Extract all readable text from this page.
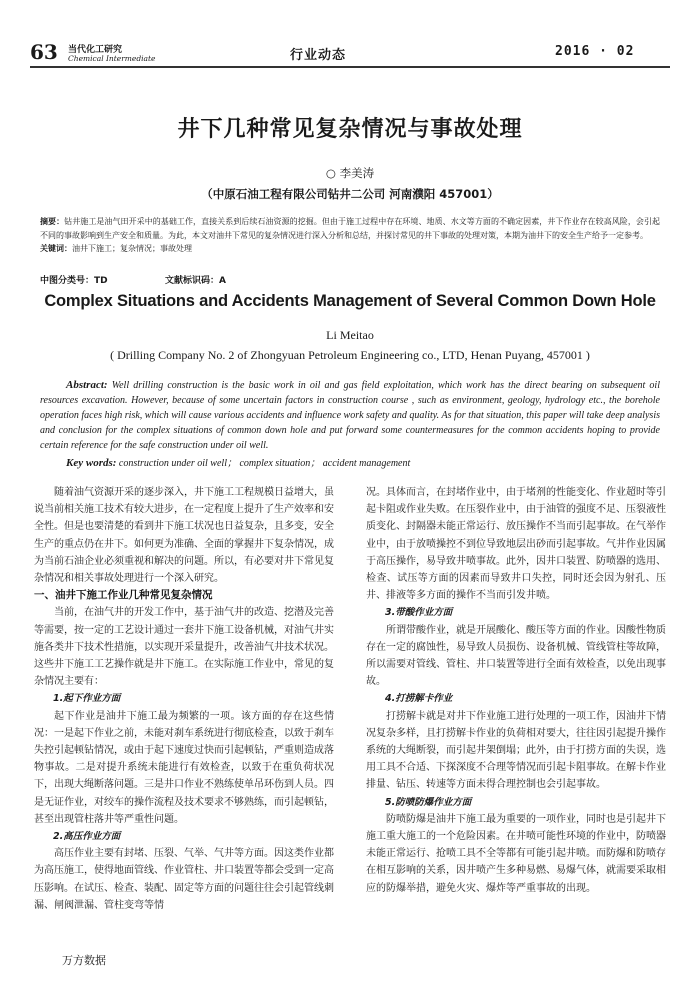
63 当代化工研究
Chemical Intermediate	行业动态	2016 · 02
井下几种常见复杂情况与事故处理
○ 李美涛
（中原石油工程有限公司钻井二公司 河南濮阳 457001）
摘要：钻井施工是油气田开采中的基础工作，直接关系到后续石油资源的挖掘。但由于施工过程中存在环境、地质、水文等方面的不确定因素，井下作业存在较高风险，会引起不同的事故影响到生产安全和质量。为此，本文对油井下常见的复杂情况进行深入分析和总结，并探讨常见的井下事故的处理对策，本期为油井下的安全生产给予一定参考。
关键词：油井下施工；复杂情况；事故处理
中图分类号：TD	文献标识码：A
Complex Situations and Accidents Management of Several Common Down Hole
Li Meitao
( Drilling Company No. 2 of Zhongyuan Petroleum Engineering co., LTD, Henan Puyang, 457001 )
Abstract: Well drilling construction is the basic work in oil and gas field exploitation, which work has the direct bearing on subsequent oil resources excavation. However, because of some uncertain factors in construction course , such as environment, geology, hydrology etc., the borehole operation faces high risk, which will cause various accidents and influence work safety and quality. As for that situation, this paper will take deep analysis and conclusion for the complex situations of common down hole and put forward some countermeasures for the common accidents hoping to provide certain reference for the safe construction under oil well.
Key words: construction under oil well； complex situation； accident management

随着油气资源开采的逐步深入，井下施工工程规模日益增大，虽说当前相关施工技术有较大进步，在一定程度上提升了生产效率和安全性。但是也要清楚的看到井下施工状况也日益复杂，且多变，安全生产的重点仍在井下。如何更为准确、全面的掌握井下复杂情况，成为当前石油企业必须重视和解决的问题。所以，有必要对井下常见复杂情况和相关事故处理进行一个深入研究。

一、油井下施工作业几种常见复杂情况

当前，在油气井的开发工作中，基于油气井的改造、挖潜及完善等需要，按一定的工艺设计通过一套井下施工设备机械，对油气井实施各类井下技术性措施，以实现开采量提升，改善油气井技术状况。这些井下施工工艺操作就是井下施工。在实际施工作业中，常见的复杂情况主要有：

1.起下作业方面

起下作业是油井下施工最为频繁的一项。该方面的存在这些情况：一是起下作业之前，未能对刹车系统进行彻底检查，以致于刹车失控引起顿钻情况，或由于起下速度过快而引起顿钻，严重则造成落物事故。二是对提升系统未能进行有效检查，以致于在重负荷状况下，出现大绳断落问题。三是井口作业不熟练使单吊环伤到人员。四是无证作业，对绞车的操作流程及技术要求不够熟练，而引起顿钻，甚至出现管柱落井等严重性问题。

2.高压作业方面

高压作业主要有封堵、压裂、气举、气井等方面。因这类作业都为高压施工，使得地面管线、作业管柱、井口装置等都会受到一定高压影响。在试压、检查、装配、固定等方面的问题往往会引起管线刺漏、闸阀泄漏、管柱变弯等情

况。具体而言，在封堵作业中，由于堵剂的性能变化、作业超时等引起卡阻或作业失败。在压裂作业中，由于油管的强度不足、压裂液性质变化、封隔器未能正常运行、放压操作不当而引起事故。在气举作业中，由于放喷操控不到位导致地层出砂而引起事故。气井作业因属于高压操作，易导致井喷事故。此外，因井口装置、防喷器的选用、检查、试压等方面的因素而导致井口失控，同时还会因为射孔、压井、排液等多方面的操作不当而引发井喷。

3.带酸作业方面

所谓带酸作业，就是开展酸化、酸压等方面的作业。因酸性物质存在一定的腐蚀性，易导致人员损伤、设备机械、管线管柱等故障，所以需要对管线、管柱、井口装置等进行全面有效检查，以免出现事故。

4.打捞解卡作业

打捞解卡就是对井下作业施工进行处理的一项工作，因油井下情况复杂多样，且打捞解卡作业的负荷相对要大，往往因引起提升操作系统的大绳断裂，而引起井架倒塌；此外，由于打捞方面的失误，选用工具不合适、下探深度不合理等情况而引起卡阻事故。在解卡作业排量、钻压、转速等方面未得合理控制也会引起事故。

5.防喷防爆作业方面

防喷防爆是油井下施工最为重要的一项作业，同时也是引起井下施工重大施工的一个危险因素。在井喷可能性环境的作业中，防喷器未能正常运行、抢喷工具不全等都有可能引起井喷。而防爆和防喷存在相互影响的关系，因井喷产生多种易燃、易爆气体，就需要采取相应的防爆举措，避免火灾、爆炸等严重事故的出现。

万方数据
